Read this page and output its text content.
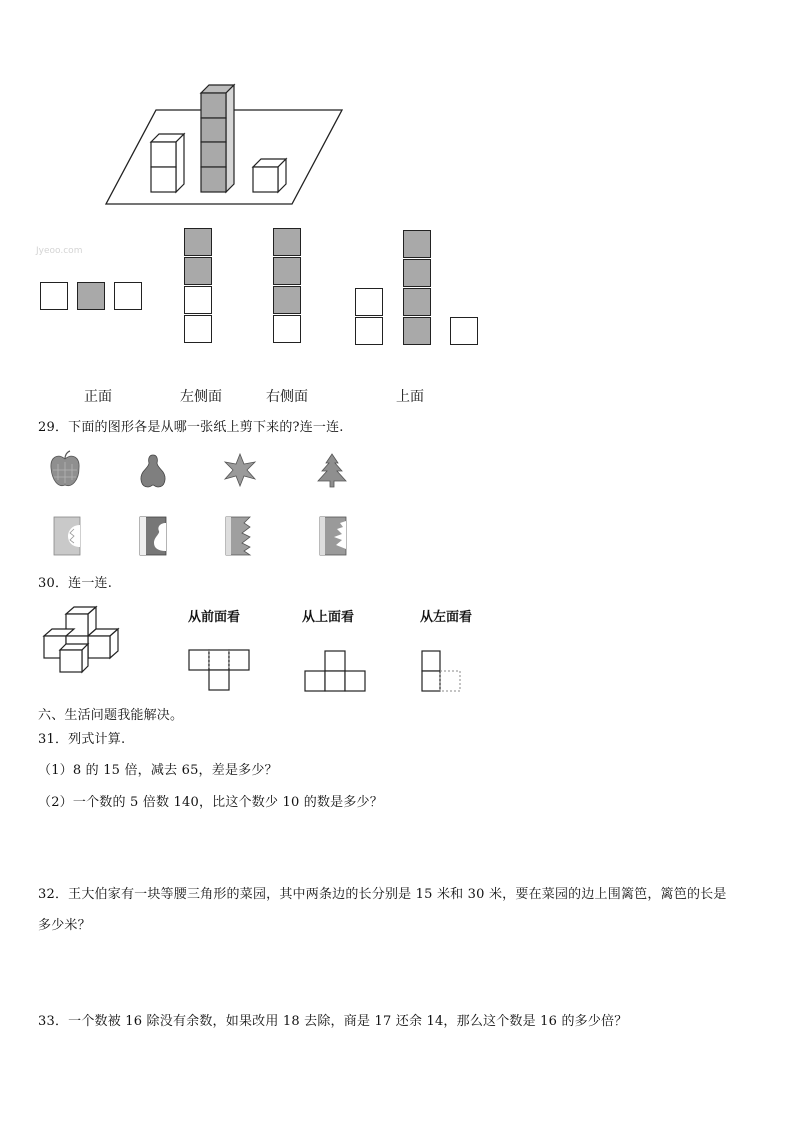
Jyeoo.com
正面	左侧面	右侧面	上面
29．下面的图形各是从哪一张纸上剪下来的?连一连.
30．连一连.
从前面看	从上面看	从左面看
六、生活问题我能解决。
31．列式计算.
（1）8 的 15 倍，减去 65，差是多少？
（2）一个数的 5 倍数 140，比这个数少 10 的数是多少？
32．王大伯家有一块等腰三角形的菜园，其中两条边的长分别是 15 米和 30 米，要在菜园的边上围篱笆，篱笆的长是
多少米？
33．一个数被 16 除没有余数，如果改用 18 去除，商是 17 还余 14，那么这个数是 16 的多少倍？
